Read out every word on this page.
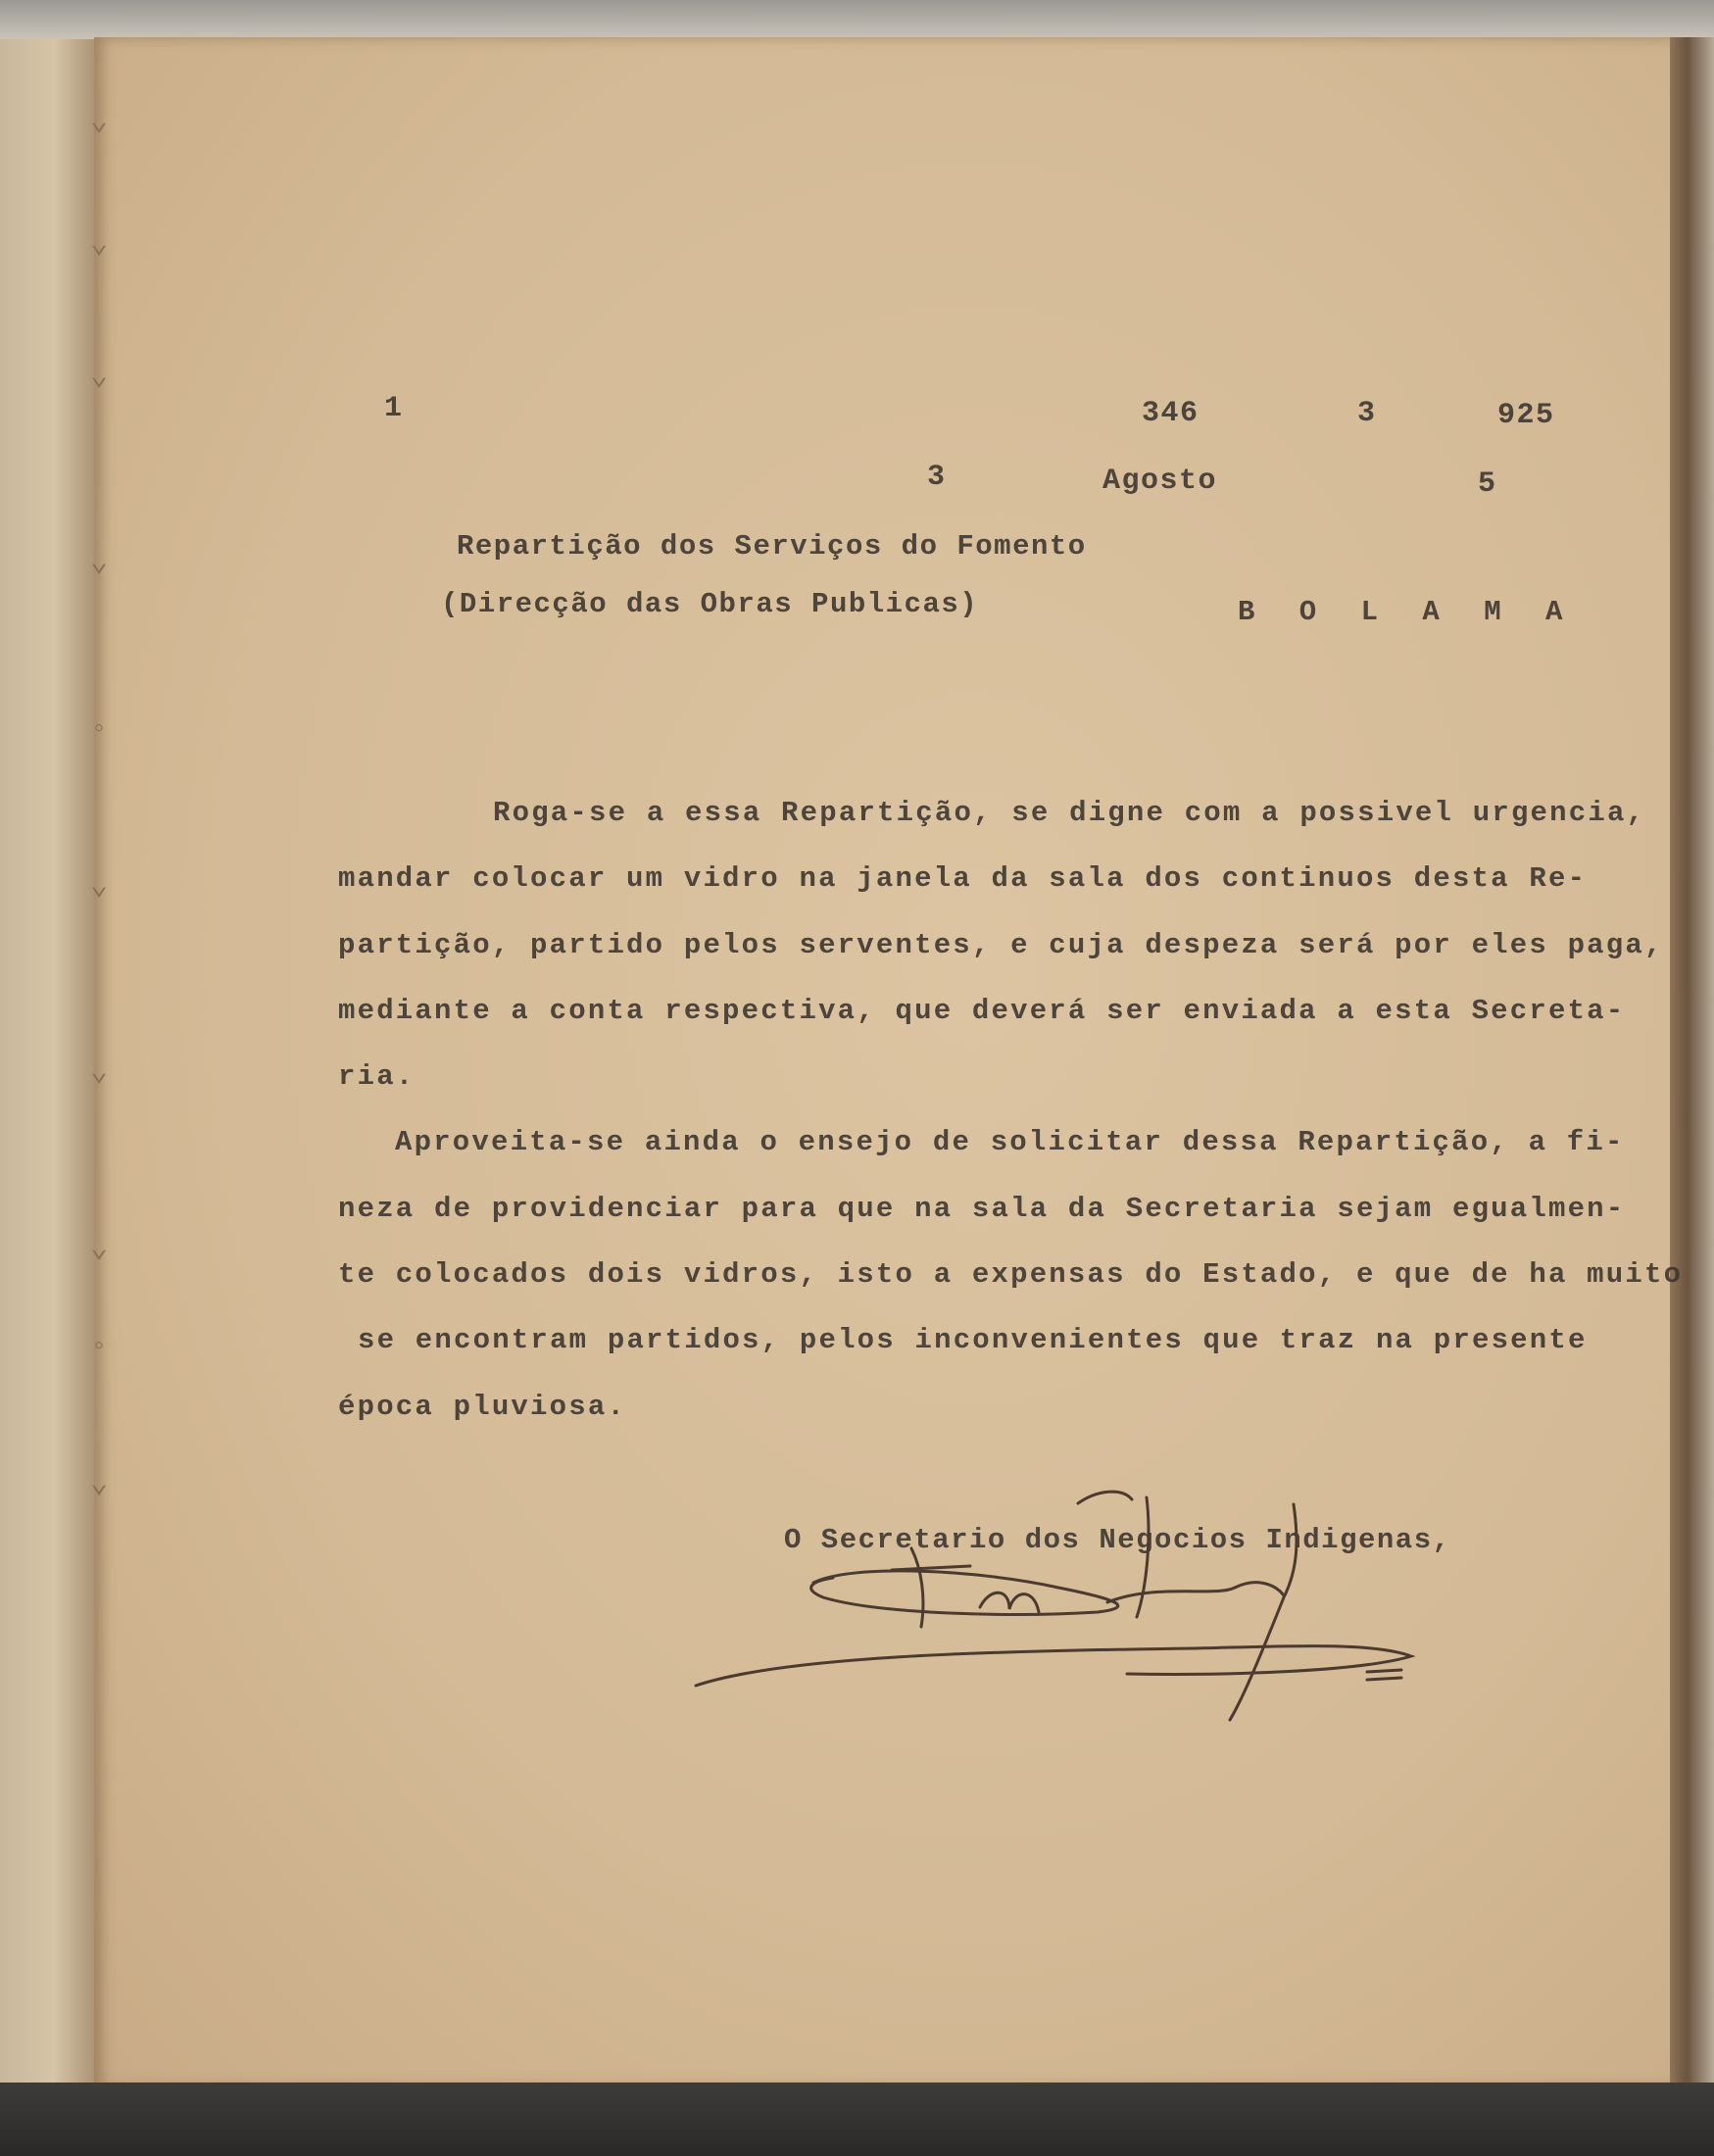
⌄
⌄
⌄
⌄
◦
⌄
⌄
⌄
◦
⌄
1	346	3	925
3	Agosto	5
Repartição dos Serviços do Fomento
(Direcção das Obras Publicas)	B O L A M A
Roga-se a essa Repartição, se digne com a possivel urgencia,
mandar colocar um vidro na janela da sala dos continuos desta Re-
partição, partido pelos serventes, e cuja despeza será por eles paga,
mediante a conta respectiva, que deverá ser enviada a esta Secreta-
ria.
Aproveita-se ainda o ensejo de solicitar dessa Repartição, a fi-
neza de providenciar para que na sala da Secretaria sejam egualmen-
te colocados dois vidros, isto a expensas do Estado, e que de ha muito
se encontram partidos, pelos inconvenientes que traz na presente
época pluviosa.
O Secretario dos Negocios Indigenas,
